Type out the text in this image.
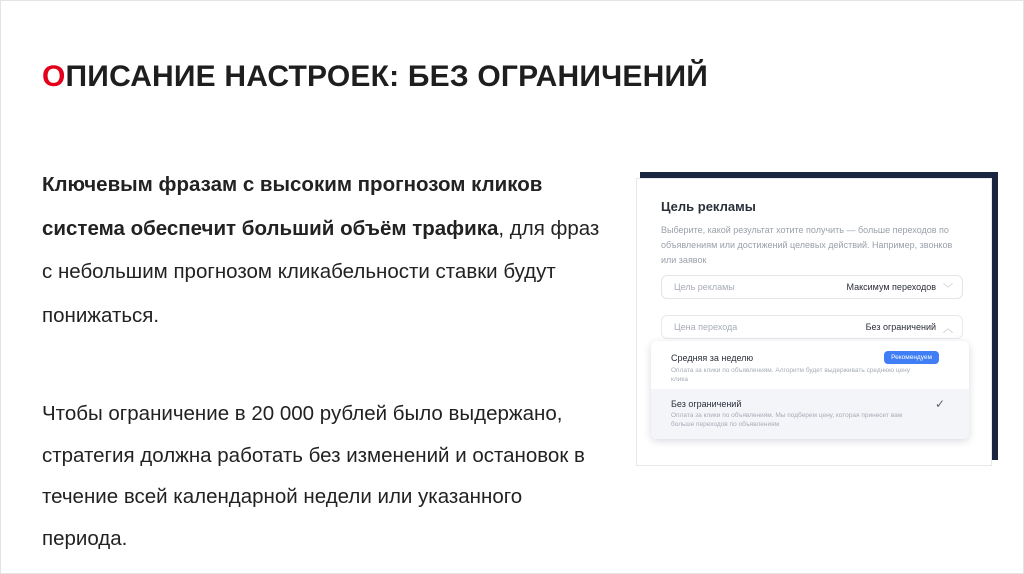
ОПИСАНИЕ НАСТРОЕК: БЕЗ ОГРАНИЧЕНИЙ
Ключевым фразам с высоким прогнозом кликов система обеспечит больший объём трафика, для фраз с небольшим прогнозом кликабельности ставки будут понижаться.
Чтобы ограничение в 20 000 рублей было выдержано, стратегия должна работать без изменений и остановок в течение всей календарной недели или указанного периода.
Цель рекламы
Выберите, какой результат хотите получить — больше переходов по объявлениям или достижений целевых действий. Например, звонков или заявок
Цель рекламы	Максимум переходов ﹀
Цена перехода	Без ограничений ︿
Средняя за неделю
Оплата за клики по объявлениям. Алгоритм будет выдерживать среднюю цену клика
Рекомендуем
Без ограничений
Оплата за клики по объявлениям. Мы подберем цену, которая принесет вам больше переходов по объявлениям
✓
